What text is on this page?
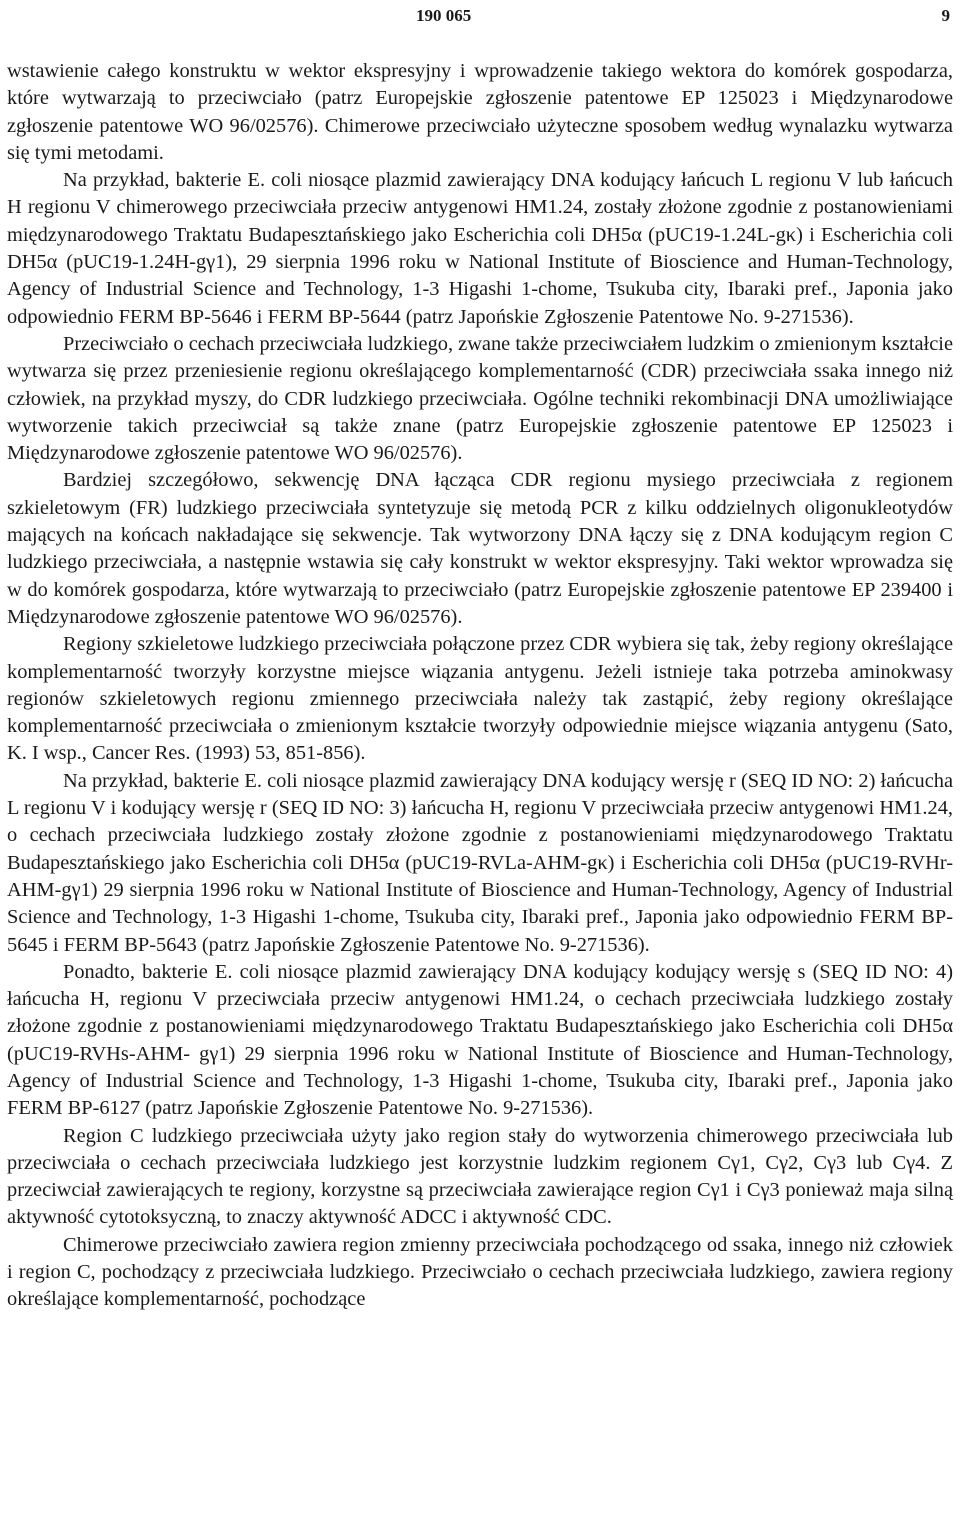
190 065	9

wstawienie całego konstruktu w wektor ekspresyjny i wprowadzenie takiego wektora do komórek gospodarza, które wytwarzają to przeciwciało (patrz Europejskie zgłoszenie patentowe EP 125023 i Międzynarodowe zgłoszenie patentowe WO 96/02576). Chimerowe przeciwciało użyteczne sposobem według wynalazku wytwarza się tymi metodami.

Na przykład, bakterie E. coli niosące plazmid zawierający DNA kodujący łańcuch L regionu V lub łańcuch H regionu V chimerowego przeciwciała przeciw antygenowi HM1.24, zostały złożone zgodnie z postanowieniami międzynarodowego Traktatu Budapesztańskiego jako Escherichia coli DH5α (pUC19-1.24L-gκ) i Escherichia coli DH5α (pUC19-1.24H-gγ1), 29 sierpnia 1996 roku w National Institute of Bioscience and Human-Technology, Agency of Industrial Science and Technology, 1-3 Higashi 1-chome, Tsukuba city, Ibaraki pref., Japonia jako odpowiednio FERM BP-5646 i FERM BP-5644 (patrz Japońskie Zgłoszenie Patentowe No. 9-271536).

Przeciwciało o cechach przeciwciała ludzkiego, zwane także przeciwciałem ludzkim o zmienionym kształcie wytwarza się przez przeniesienie regionu określającego komplementarność (CDR) przeciwciała ssaka innego niż człowiek, na przykład myszy, do CDR ludzkiego przeciwciała. Ogólne techniki rekombinacji DNA umożliwiające wytworzenie takich przeciwciał są także znane (patrz Europejskie zgłoszenie patentowe EP 125023 i Międzynarodowe zgłoszenie patentowe WO 96/02576).

Bardziej szczegółowo, sekwencję DNA łącząca CDR regionu mysiego przeciwciała z regionem szkieletowym (FR) ludzkiego przeciwciała syntetyzuje się metodą PCR z kilku oddzielnych oligonukleotydów mających na końcach nakładające się sekwencje. Tak wytworzony DNA łączy się z DNA kodującym region C ludzkiego przeciwciała, a następnie wstawia się cały konstrukt w wektor ekspresyjny. Taki wektor wprowadza się w do komórek gospodarza, które wytwarzają to przeciwciało (patrz Europejskie zgłoszenie patentowe EP 239400 i Międzynarodowe zgłoszenie patentowe WO 96/02576).

Regiony szkieletowe ludzkiego przeciwciała połączone przez CDR wybiera się tak, żeby regiony określające komplementarność tworzyły korzystne miejsce wiązania antygenu. Jeżeli istnieje taka potrzeba aminokwasy regionów szkieletowych regionu zmiennego przeciwciała należy tak zastąpić, żeby regiony określające komplementarność przeciwciała o zmienionym kształcie tworzyły odpowiednie miejsce wiązania antygenu (Sato, K. I wsp., Cancer Res. (1993) 53, 851-856).

Na przykład, bakterie E. coli niosące plazmid zawierający DNA kodujący wersję r (SEQ ID NO: 2) łańcucha L regionu V i kodujący wersję r (SEQ ID NO: 3) łańcucha H, regionu V przeciwciała przeciw antygenowi HM1.24, o cechach przeciwciała ludzkiego zostały złożone zgodnie z postanowieniami międzynarodowego Traktatu Budapesztańskiego jako Escherichia coli DH5α (pUC19-RVLa-AHM-gκ) i Escherichia coli DH5α (pUC19-RVHr-AHM-gγ1) 29 sierpnia 1996 roku w National Institute of Bioscience and Human-Technology, Agency of Industrial Science and Technology, 1-3 Higashi 1-chome, Tsukuba city, Ibaraki pref., Japonia jako odpowiednio FERM BP-5645 i FERM BP-5643 (patrz Japońskie Zgłoszenie Patentowe No. 9-271536).

Ponadto, bakterie E. coli niosące plazmid zawierający DNA kodujący kodujący wersję s (SEQ ID NO: 4) łańcucha H, regionu V przeciwciała przeciw antygenowi HM1.24, o cechach przeciwciała ludzkiego zostały złożone zgodnie z postanowieniami międzynarodowego Traktatu Budapesztańskiego jako Escherichia coli DH5α (pUC19-RVHs-AHM- gγ1) 29 sierpnia 1996 roku w National Institute of Bioscience and Human-Technology, Agency of Industrial Science and Technology, 1-3 Higashi 1-chome, Tsukuba city, Ibaraki pref., Japonia jako FERM BP-6127 (patrz Japońskie Zgłoszenie Patentowe No. 9-271536).

Region C ludzkiego przeciwciała użyty jako region stały do wytworzenia chimerowego przeciwciała lub przeciwciała o cechach przeciwciała ludzkiego jest korzystnie ludzkim regionem Cγ1, Cγ2, Cγ3 lub Cγ4. Z przeciwciał zawierających te regiony, korzystne są przeciwciała zawierające region Cγ1 i Cγ3 ponieważ maja silną aktywność cytotoksyczną, to znaczy aktywność ADCC i aktywność CDC.

Chimerowe przeciwciało zawiera region zmienny przeciwciała pochodzącego od ssaka, innego niż człowiek i region C, pochodzący z przeciwciała ludzkiego. Przeciwciało o cechach przeciwciała ludzkiego, zawiera regiony określające komplementarność, pochodzące
